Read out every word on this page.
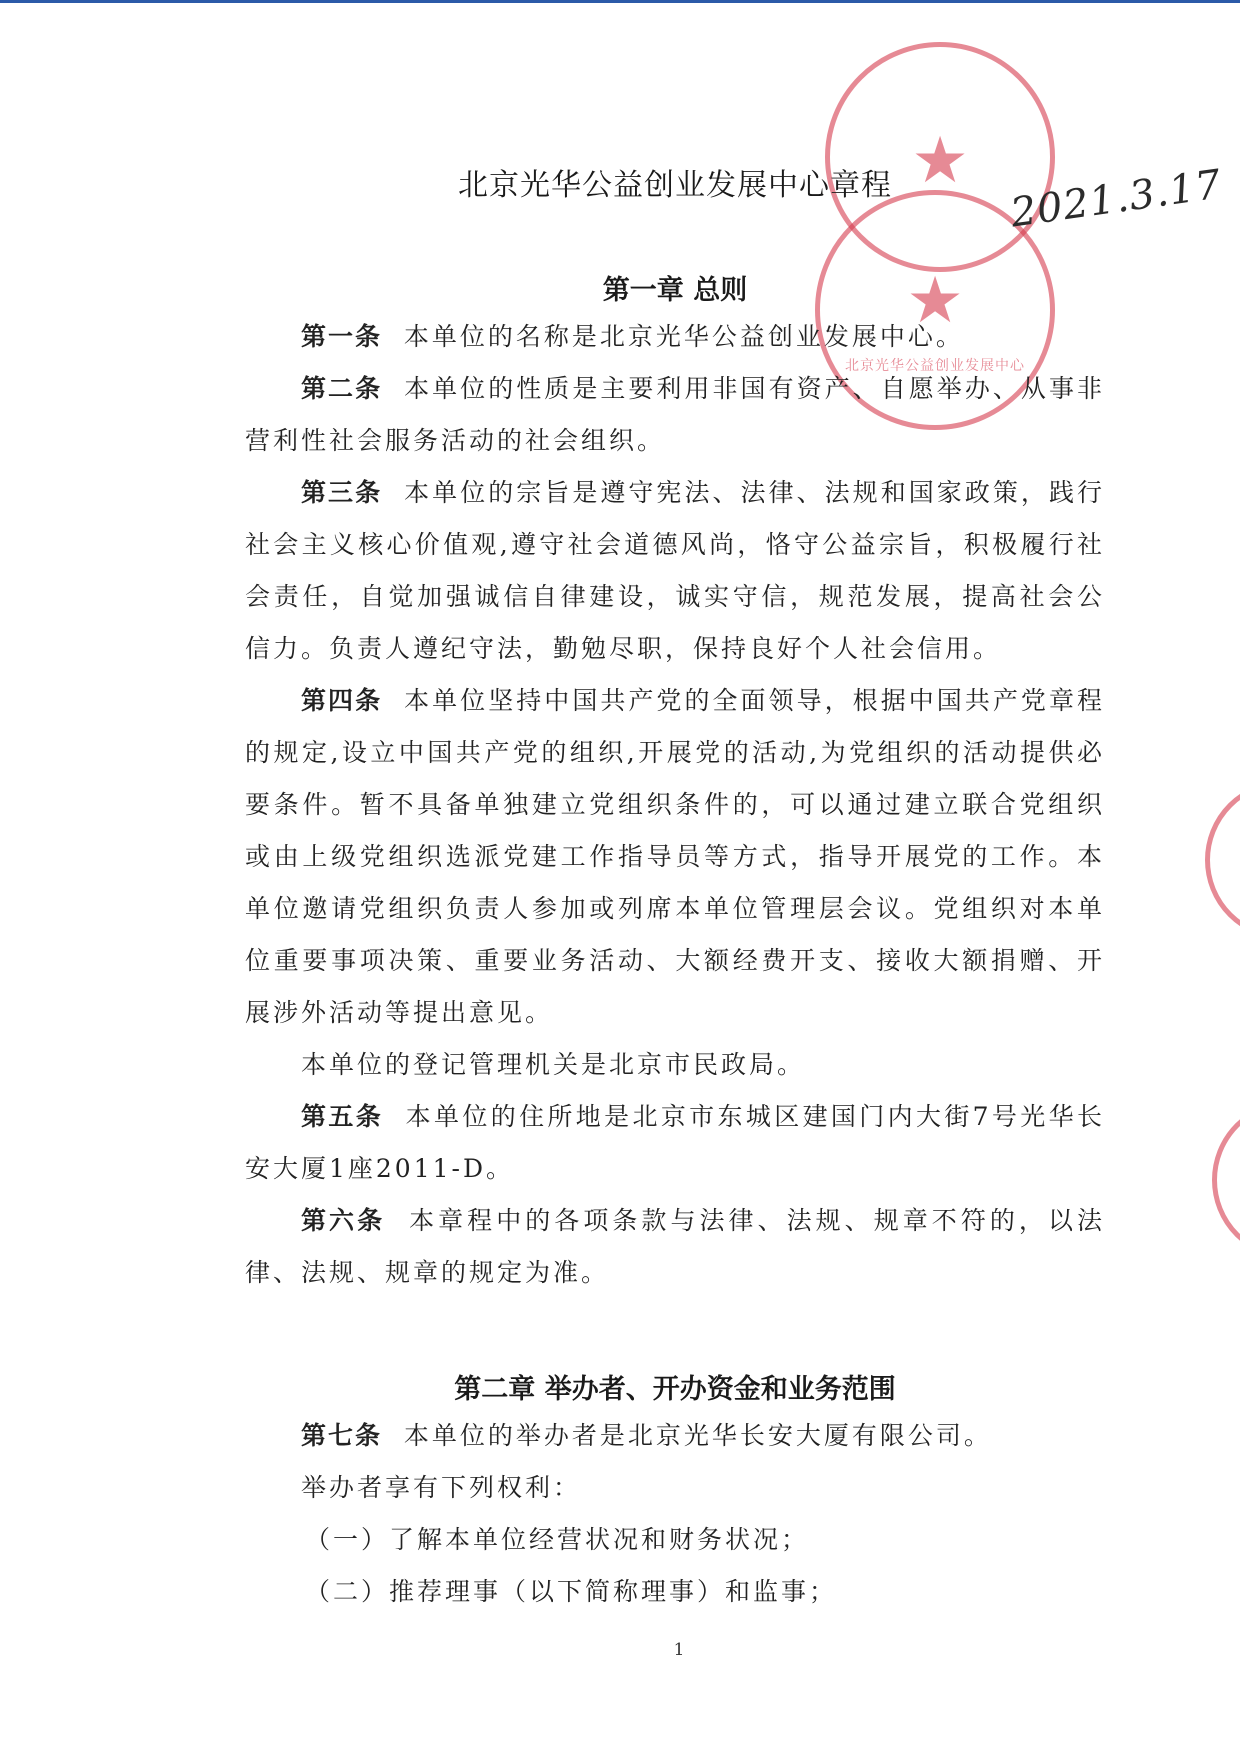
★
★
北京光华公益创业发展中心
2021.3.17
北京光华公益创业发展中心章程
第一章 总则

第一条 本单位的名称是北京光华公益创业发展中心。

第二条 本单位的性质是主要利用非国有资产、自愿举办、从事非营利性社会服务活动的社会组织。

第三条 本单位的宗旨是遵守宪法、法律、法规和国家政策，践行社会主义核心价值观,遵守社会道德风尚，恪守公益宗旨，积极履行社会责任，自觉加强诚信自律建设，诚实守信，规范发展，提高社会公信力。负责人遵纪守法，勤勉尽职，保持良好个人社会信用。

第四条 本单位坚持中国共产党的全面领导，根据中国共产党章程的规定,设立中国共产党的组织,开展党的活动,为党组织的活动提供必要条件。暂不具备单独建立党组织条件的，可以通过建立联合党组织或由上级党组织选派党建工作指导员等方式，指导开展党的工作。本单位邀请党组织负责人参加或列席本单位管理层会议。党组织对本单位重要事项决策、重要业务活动、大额经费开支、接收大额捐赠、开展涉外活动等提出意见。

本单位的登记管理机关是北京市民政局。

第五条 本单位的住所地是北京市东城区建国门内大街7号光华长安大厦1座2011-D。

第六条 本章程中的各项条款与法律、法规、规章不符的，以法律、法规、规章的规定为准。

第二章 举办者、开办资金和业务范围

第七条 本单位的举办者是北京光华长安大厦有限公司。

举办者享有下列权利：

（一）了解本单位经营状况和财务状况；

（二）推荐理事（以下简称理事）和监事；

1
